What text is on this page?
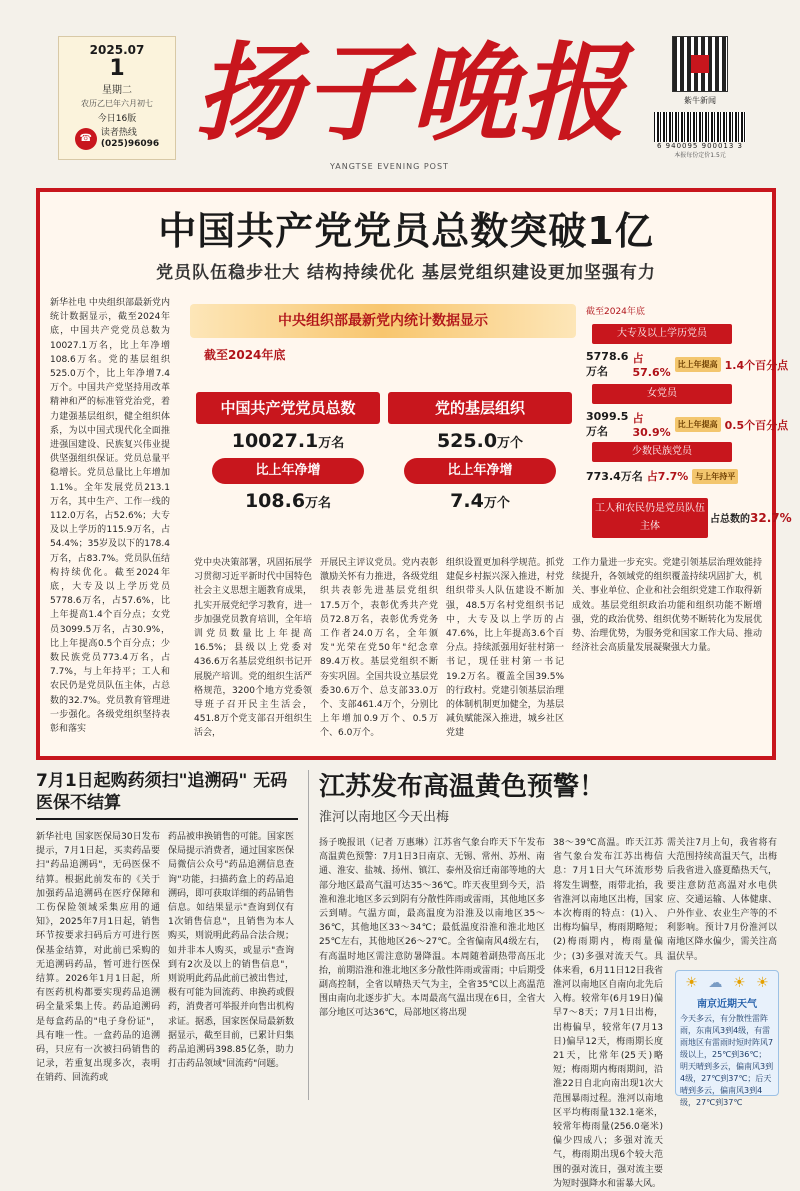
2025.07
1
星期二
农历乙巳年六月初七
今日16版
☎ 读者热线
(025)96096 扬子晚报
YANGTSE EVENING POST
紫牛新闻
6 940095 900013 3
本报每份定价1.5元
中国共产党党员总数突破1亿
党员队伍稳步壮大 结构持续优化 基层党组织建设更加坚强有力
新华社电 中央组织部最新党内统计数据显示，截至2024年底，中国共产党党员总数为10027.1万名，比上年净增108.6万名。党的基层组织525.0万个，比上年净增7.4万个。中国共产党坚持用改革精神和严的标准管党治党，着力建强基层组织，健全组织体系，为以中国式现代化全面推进强国建设、民族复兴伟业提供坚强组织保证。党员总量平稳增长。党员总量比上年增加1.1%。全年发展党员213.1万名，其中生产、工作一线的112.0万名，占52.6%；大专及以上学历的115.9万名，占54.4%；35岁及以下的178.4万名，占83.7%。党员队伍结构持续优化。截至2024年底，大专及以上学历党员5778.6万名，占57.6%，比上年提高1.4个百分点；女党员3099.5万名，占30.9%，比上年提高0.5个百分点；少数民族党员773.4万名，占7.7%，与上年持平；工人和农民仍是党员队伍主体，占总数的32.7%。党员教育管理进一步强化。各级党组织坚持表彰和落实
中央组织部最新党内统计数据显示
截至2024年底
中国共产党党员总数
10027.1万名
比上年净增
108.6万名
党的基层组织
525.0万个
比上年净增
7.4万个
截至2024年底
大专及以上学历党员
5778.6万名
占57.6%
比上年提高 1.4个百分点
女党员
3099.5万名
占30.9%
比上年提高 0.5个百分点
少数民族党员
773.4万名 占7.7% 与上年持平
工人和农民仍是党员队伍主体
占总数的32.7%
党中央决策部署，巩固拓展学习贯彻习近平新时代中国特色社会主义思想主题教育成果，扎实开展党纪学习教育，进一步加强党员教育培训，全年培训党员数量比上年提高16.5%；县级以上党委对436.6万名基层党组织书记开展脱产培训。党的组织生活严格规范，3200个地方党委领导班子召开民主生活会，451.8万个党支部召开组织生活会，
开展民主评议党员。党内表彰激励关怀有力推进，各级党组织共表彰先进基层党组织17.5万个，表彰优秀共产党员72.8万名，表彰优秀党务工作者24.0万名，全年颁发"光荣在党50年"纪念章89.4万枚。基层党组织不断夯实巩固。全国共设立基层党委30.6万个、总支部33.0万个、支部461.4万个，分别比上年增加0.9万个、0.5万个、6.0万个。
组织设置更加科学规范。抓党建促乡村振兴深入推进，村党组织带头人队伍建设不断加强，48.5万名村党组织书记中，大专及以上学历的占47.6%，比上年提高3.6个百分点。持续派强用好驻村第一书记，现任驻村第一书记19.2万名。覆盖全国39.5%的行政村。党建引领基层治理的体制机制更加健全，为基层减负赋能深入推进，城乡社区党建
工作力量进一步充实。党建引领基层治理效能持续提升，各领域党的组织覆盖持续巩固扩大，机关、事业单位、企业和社会组织党建工作取得新成效。基层党组织政治功能和组织功能不断增强，党的政治优势、组织优势不断转化为发展优势、治理优势，为服务党和国家工作大局、推动经济社会高质量发展凝聚强大力量。
7月1日起购药须扫"追溯码" 无码医保不结算
新华社电 国家医保局30日发布提示，7月1日起，买卖药品要扫"药品追溯码"，无码医保不结算。根据此前发布的《关于加强药品追溯码在医疗保障和工伤保险领域采集应用的通知》，2025年7月1日起，销售环节按要求扫码后方可进行医保基金结算，对此前已采购的无追溯码药品，暂可进行医保结算。2026年1月1日起，所有医药机构都要实现药品追溯码全量采集上传。药品追溯码是每盒药品的"电子身份证"，具有唯一性。一盒药品的追溯码，只应有一次被扫码销售的记录，若重复出现多次，表明在销药、回流药或
药品被串换销售的可能。国家医保局提示消费者，通过国家医保局微信公众号"药品追溯信息查询"功能，扫描药盒上的药品追溯码，即可获取详细的药品销售信息。如结果显示"查询到仅有1次销售信息"，且销售为本人购买，则说明此药品合法合规；如并非本人购买，或显示"查询到有2次及以上的销售信息"，则说明此药品此前已被出售过，极有可能为回流药、串换药或假药，消费者可举报并向售出机构求证。据悉，国家医保局最新数据显示，截至目前，已累计归集药品追溯码398.85亿条，助力打击药品领域"回流药"问题。
江苏发布高温黄色预警！
淮河以南地区今天出梅
扬子晚报讯（记者 万惠琳）江苏省气象台昨天下午发布高温黄色预警：7月1日3日南京、无锡、常州、苏州、南通、淮安、盐城、扬州、镇江、泰州及宿迁南部等地的大部分地区最高气温可达35～36℃。昨天夜里到今天，沿淮和淮北地区多云到阴有分散性阵雨或雷雨，其他地区多云到晴。气温方面，最高温度为沿淮及以南地区35～36℃，其他地区33～34℃；最低温度沿淮和淮北地区25℃左右，其他地区26～27℃。全省偏南风4级左右，有高温时地区需注意防暑降温。本周随着副热带高压北抬，前期沿淮和淮北地区多分散性阵雨或雷雨；中后期受副高控制，全省以晴热天气为主，全省35℃以上高温范围由南向北逐步扩大。本周最高气温出现在6日，全省大部分地区可达36℃，局部地区将出现
38～39℃高温。昨天江苏省气象台发布江苏出梅信息：7月1日大气环流形势将发生调整，雨带北抬，我省淮河以南地区出梅，国家本次梅雨的特点：(1)入、出梅均偏早，梅雨期略短；(2)梅雨期内，梅雨量偏少；(3)多强对流天气。具体来看，6月11日12日我省淮河以南地区自南向北先后入梅。较常年(6月19日)偏早7～8天；7月1日出梅，出梅偏早，较常年(7月13日)偏早12天，梅雨期长度21天，比常年(25天)略短；梅雨期内梅雨期间，沿淮22日自北向南出现1次大范围暴雨过程。淮河以南地区平均梅雨量132.1毫米，较常年梅雨量(256.0毫米)偏少四成八；多强对流天气，梅雨期出现6个较大范围的强对流日，强对流主要为短时强降水和雷暴大风。
需关注7月上旬，我省将有大范围持续高温天气，出梅后我省进入盛夏酷热天气，要注意防范高温对水电供应、交通运输、人体健康、户外作业、农业生产等的不利影响。预计7月份淮河以南地区降水偏少，需关注高温伏旱。
☀ ☁ ☀ ☀
南京近期天气
今天多云，有分散性雷阵雨，东南风3到4级，有雷雨地区有雷雨时短时阵风7级以上，25℃到36℃；明天晴到多云，偏南风3到4级，27℃到37℃；后天晴到多云，偏南风3到4级，27℃到37℃
